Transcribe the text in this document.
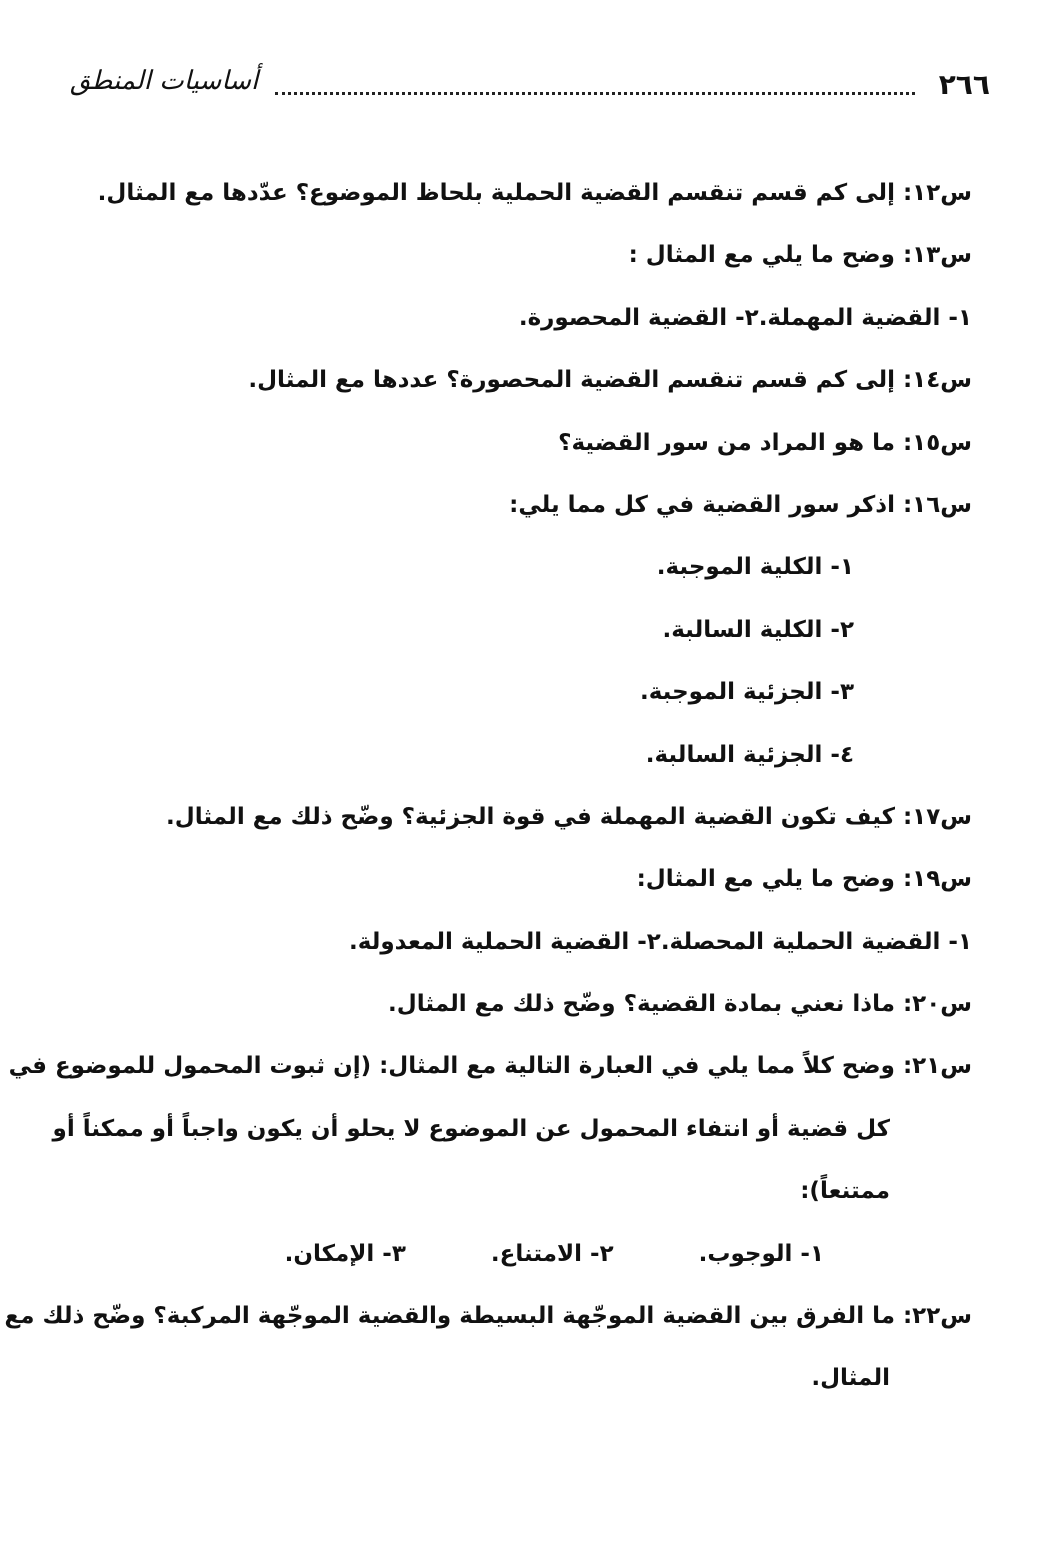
٢٦٦
أساسيات المنطق
س١٢: إلى كم قسم تنقسم القضية الحملية بلحاظ الموضوع؟ عدّدها مع المثال.
س١٣: وضح ما يلي مع المثال :
١- القضية المهملة.٢- القضية المحصورة.
س١٤: إلى كم قسم تنقسم القضية المحصورة؟ عددها مع المثال.
س١٥: ما هو المراد من سور القضية؟
س١٦: اذكر سور القضية في كل مما يلي:
١- الكلية الموجبة.
٢- الكلية السالبة.
٣- الجزئية الموجبة.
٤- الجزئية السالبة.
س١٧: كيف تكون القضية المهملة في قوة الجزئية؟ وضّح ذلك مع المثال.
س١٩: وضح ما يلي مع المثال:
١- القضية الحملية المحصلة.٢- القضية الحملية المعدولة.
س٢٠: ماذا نعني بمادة القضية؟ وضّح ذلك مع المثال.
س٢١: وضح كلاً مما يلي في العبارة التالية مع المثال: (إن ثبوت المحمول للموضوع في
كل قضية أو انتفاء المحمول عن الموضوع لا يحلو أن يكون واجباً أو ممكناً أو
ممتنعاً):
١- الوجوب.
٢- الامتناع.
٣- الإمكان.
س٢٢: ما الفرق بين القضية الموجّهة البسيطة والقضية الموجّهة المركبة؟ وضّح ذلك مع
المثال.
